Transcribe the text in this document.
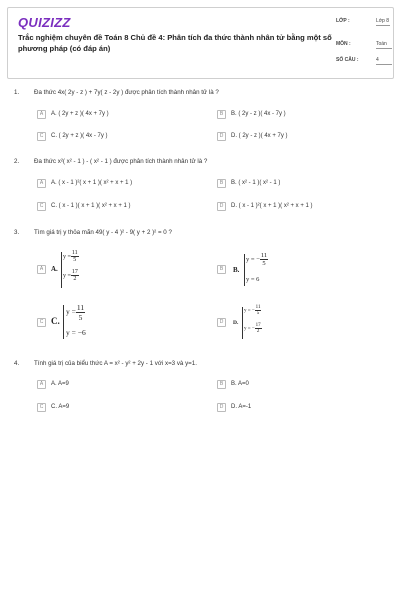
QUIZIZZ
Trắc nghiệm chuyên đề Toán 8 Chủ đề 4: Phân tích đa thức thành nhân tử bằng một số phương pháp (có đáp án)
LỚP :	Lớp 8
MÔN :	Toán
SỐ CÂU :	4
1. Đa thức 4x( 2y - z ) + 7y( z - 2y ) được phân tích thành nhân tử là ?
A	A. ( 2y + z )( 4x + 7y )	B	B. ( 2y - z )( 4x - 7y )
C	C. ( 2y + z )( 4x - 7y )	D	D. ( 2y - z )( 4x + 7y )
2. Đa thức x²( x² - 1 ) - ( x² - 1 ) được phân tích thành nhân tử là ?
A	A. ( x - 1 )²( x + 1 )( x² + x + 1 )	B	B. ( x² - 1 )( x² - 1 )
C	C. ( x - 1 )( x + 1 )( x² + x + 1 )	D	D. ( x - 1 )²( x + 1 )( x² + x + 1 )
3. Tìm giá trị y thỏa mãn 49( y - 4 )² - 9( y + 2 )² = 0 ?
A	A.
$y = \frac{11}{5}$
$y = \frac{17}{2}$	B	B.
y = − $\frac{11}{5}$
y = 6
C C.
$y = \frac{11}{5}$
y = −6
D	D.
y = − $\frac{11}{5}$
y = − $\frac{17}{2}$
4. Tính giá trị của biểu thức A = x² - y² + 2y - 1 với x=3 và y=1.
A	A. A=9	B	B. A=0
C	C. A=9	D	D. A=-1
